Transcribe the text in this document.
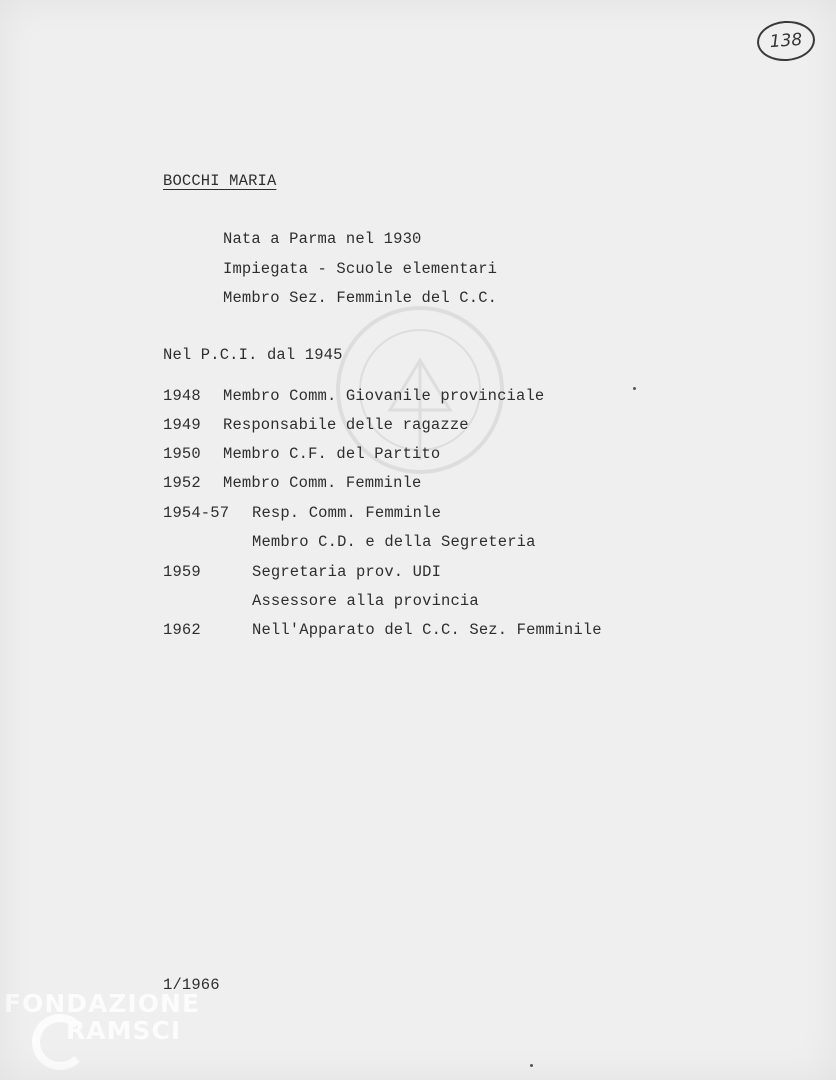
138
BOCCHI MARIA
Nata a Parma nel 1930
Impiegata - Scuole elementari
Membro Sez. Femminle del C.C.
Nel P.C.I. dal 1945
1948 Membro Comm. Giovanile provinciale
1949 Responsabile delle ragazze
1950 Membro C.F. del Partito
1952 Membro Comm. Femminle
1954-57 Resp. Comm. Femminle
Membro C.D. e della Segreteria
1959	Segretaria prov. UDI
Assessore alla provincia
1962	Nell'Apparato del C.C. Sez. Femminile
1/1966
FONDAZIONE
RAMSCI
